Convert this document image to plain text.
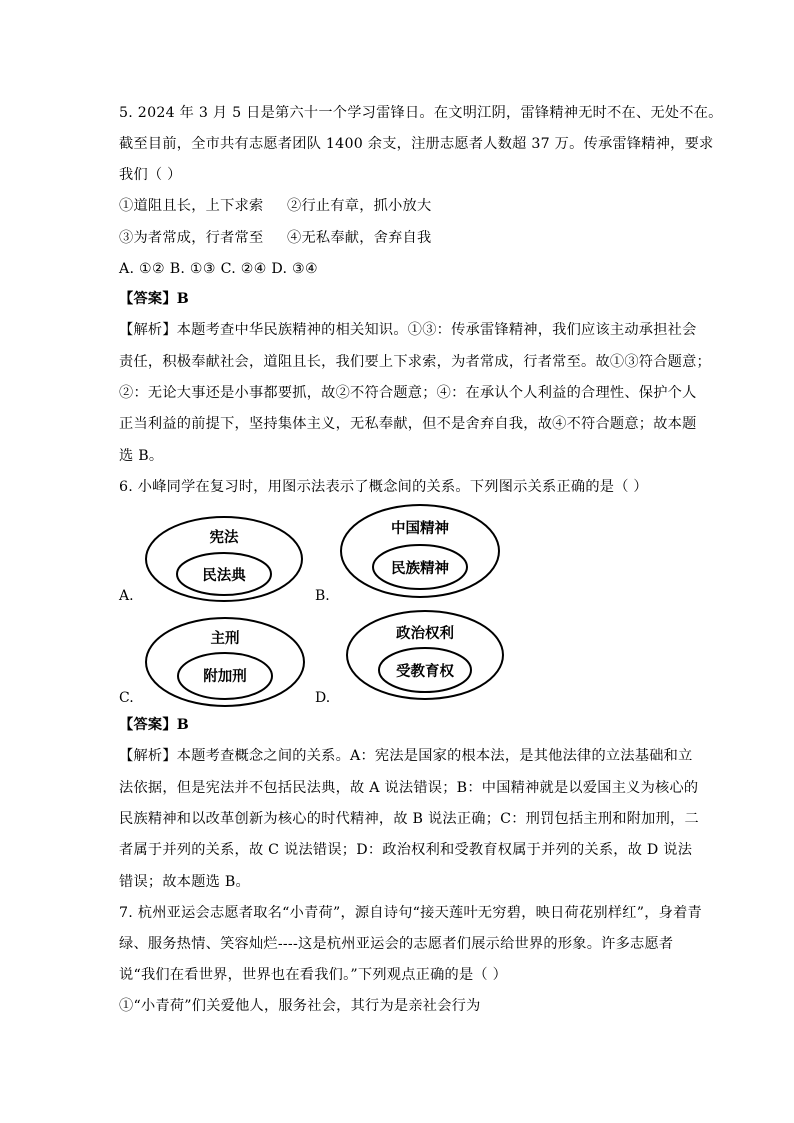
5. 2024 年 3 月 5 日是第六十一个学习雷锋日。在文明江阴，雷锋精神无时不在、无处不在。
截至目前，全市共有志愿者团队 1400 余支，注册志愿者人数超 37 万。传承雷锋精神，要求
我们（ ）
①道阻且长，上下求索 ②行止有章，抓小放大
③为者常成，行者常至 ④无私奉献，舍弃自我
A. ①② B. ①③ C. ②④ D. ③④
【答案】B
【解析】本题考查中华民族精神的相关知识。①③：传承雷锋精神，我们应该主动承担社会
责任，积极奉献社会，道阻且长，我们要上下求索，为者常成，行者常至。故①③符合题意；
②：无论大事还是小事都要抓，故②不符合题意；④：在承认个人利益的合理性、保护个人
正当利益的前提下，坚持集体主义，无私奉献，但不是舍弃自我，故④不符合题意；故本题
选 B。
6. 小峰同学在复习时，用图示法表示了概念间的关系。下列图示关系正确的是（ ）
A.
宪法
民法典
B.
中国精神
民族精神
C.
主刑
附加刑
D.
政治权利
受教育权
【答案】B
【解析】本题考查概念之间的关系。A：宪法是国家的根本法，是其他法律的立法基础和立
法依据，但是宪法并不包括民法典，故 A 说法错误；B：中国精神就是以爱国主义为核心的
民族精神和以改革创新为核心的时代精神，故 B 说法正确；C：刑罚包括主刑和附加刑，二
者属于并列的关系，故 C 说法错误；D：政治权利和受教育权属于并列的关系，故 D 说法
错误；故本题选 B。
7. 杭州亚运会志愿者取名“小青荷”，源自诗句“接天莲叶无穷碧，映日荷花别样红”，身着青
绿、服务热情、笑容灿烂----这是杭州亚运会的志愿者们展示给世界的形象。许多志愿者
说“我们在看世界，世界也在看我们。”下列观点正确的是（ ）
①“小青荷”们关爱他人，服务社会，其行为是亲社会行为
